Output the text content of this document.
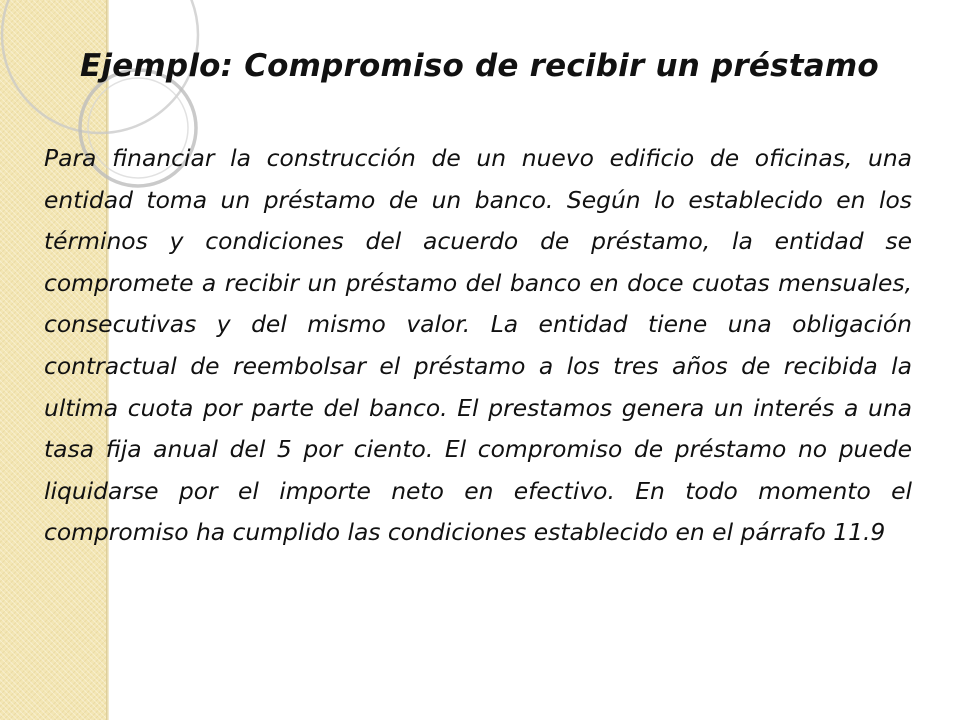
Ejemplo: Compromiso de recibir un préstamo

Para financiar la construcción de un nuevo edificio de oficinas, una entidad toma un préstamo de un banco. Según lo establecido en los términos y condiciones del acuerdo de préstamo, la entidad se compromete a recibir un préstamo del banco en doce cuotas mensuales, consecutivas y del mismo valor. La entidad tiene una obligación contractual de reembolsar el préstamo a los tres años de recibida la ultima cuota por parte del banco. El prestamos genera un interés a una tasa fija anual del 5 por ciento. El compromiso de préstamo no puede liquidarse por el importe neto en efectivo. En todo momento el compromiso ha cumplido las condiciones establecido en el párrafo 11.9
